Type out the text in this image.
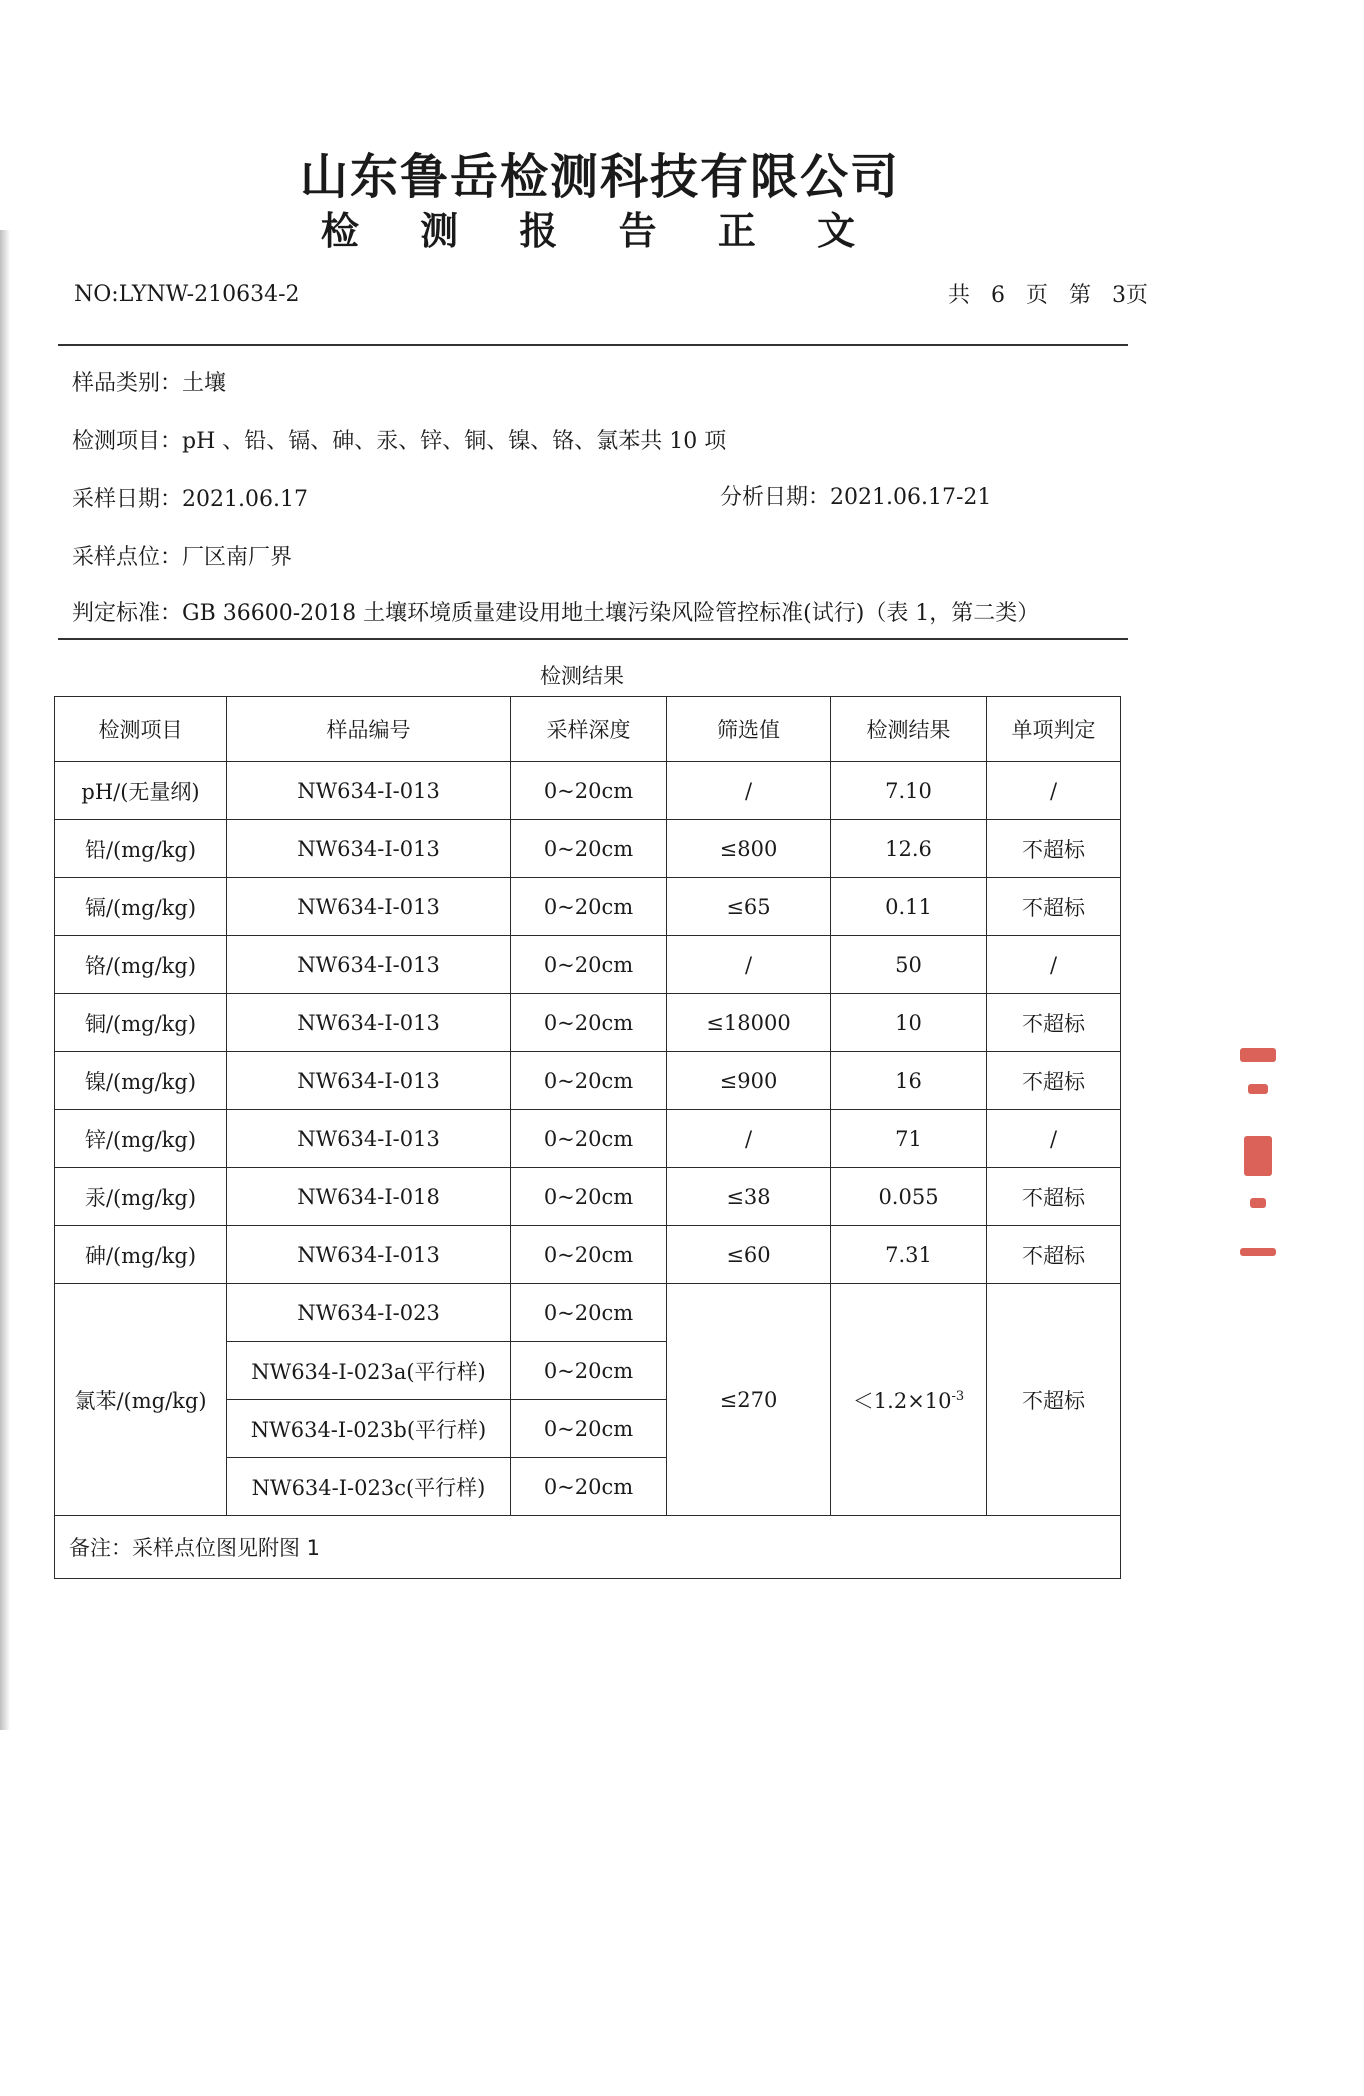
山东鲁岳检测科技有限公司
检 测 报 告 正 文
NO:LYNW-210634-2	共 6 页 第 3页
样品类别：土壤
检测项目：pH 、铅、镉、砷、汞、锌、铜、镍、铬、氯苯共 10 项
采样日期：2021.06.17	分析日期：2021.06.17-21
采样点位：厂区南厂界
判定标准：GB 36600-2018 土壤环境质量建设用地土壤污染风险管控标准(试行)（表 1，第二类）
检测结果
检测项目	样品编号	采样深度	筛选值	检测结果	单项判定
pH/(无量纲)	NW634-I-013	0~20cm	/	7.10	/
铅/(mg/kg)	NW634-I-013	0~20cm	≤800	12.6	不超标
镉/(mg/kg)	NW634-I-013	0~20cm	≤65	0.11	不超标
铬/(mg/kg)	NW634-I-013	0~20cm	/	50	/
铜/(mg/kg)	NW634-I-013	0~20cm	≤18000	10	不超标
镍/(mg/kg)	NW634-I-013	0~20cm	≤900	16	不超标
锌/(mg/kg)	NW634-I-013	0~20cm	/	71	/
汞/(mg/kg)	NW634-I-018	0~20cm	≤38	0.055	不超标
砷/(mg/kg)	NW634-I-013	0~20cm	≤60	7.31	不超标
氯苯/(mg/kg)	NW634-I-023	0~20cm	≤270	$<1.2\times 10^{-3}$	不超标
	NW634-I-023a(平行样)	0~20cm			
	NW634-I-023b(平行样)	0~20cm			
	NW634-I-023c(平行样)	0~20cm			
备注：采样点位图见附图 1					
